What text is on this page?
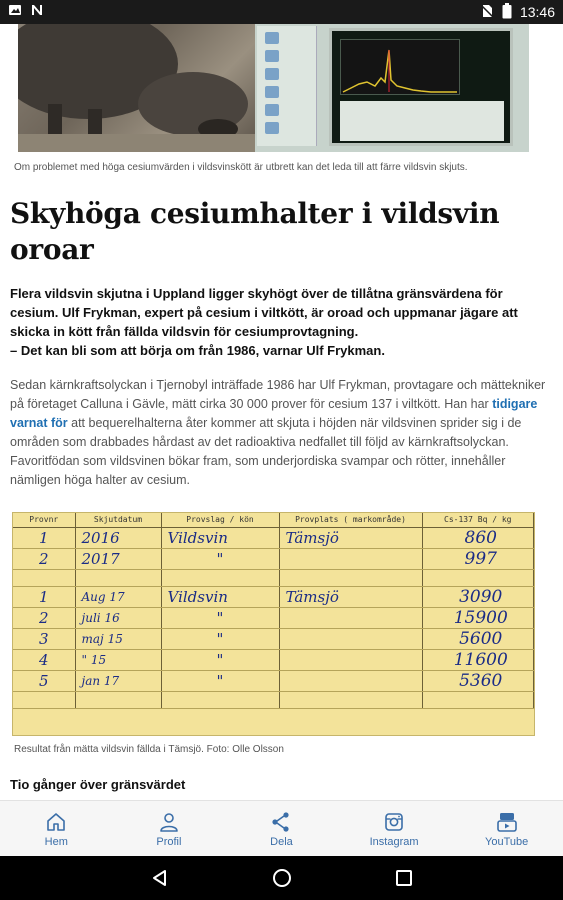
13:46

Om problemet med höga cesiumvärden i vildsvinskött är utbrett kan det leda till att färre vildsvin skjuts.

Skyhöga cesiumhalter i vildsvin oroar

Flera vildsvin skjutna i Uppland ligger skyhögt över de tillåtna gränsvärdena för cesium. Ulf Frykman, expert på cesium i viltkött, är oroad och uppmanar jägare att skicka in kött från fällda vildsvin för cesiumprovtagning.

– Det kan bli som att börja om från 1986, varnar Ulf Frykman.

Sedan kärnkraftsolyckan i Tjernobyl inträffade 1986 har Ulf Frykman, provtagare och mättekniker på företaget Calluna i Gävle, mätt cirka 30 000 prover för cesium 137 i viltkött. Han har tidigare varnat för att bequerelhalterna åter kommer att skjuta i höjden när vildsvinen sprider sig i de områden som drabbades hårdast av det radioaktiva nedfallet till följd av kärnkraftsolyckan. Favoritfödan som vildsvinen bökar fram, som underjordiska svampar och rötter, innehåller nämligen höga halter av cesium.

Provnr	Skjutdatum	Provslag / kön	Provplats ( markområde)	Cs-137 Bq / kg
1	2016	Vildsvin	Tämsjö	860
2	2017	"		997

1	Aug 17	Vildsvin	Tämsjö	3090
2	juli 16	"		15900
3	maj 15	"		5600
4	" 15	"		11600
5	jan 17	"		5360

Resultat från mätta vildsvin fällda i Tämsjö. Foto: Olle Olsson

Tio gånger över gränsvärdet
Hem	Profil	Dela	Instagram	YouTube
